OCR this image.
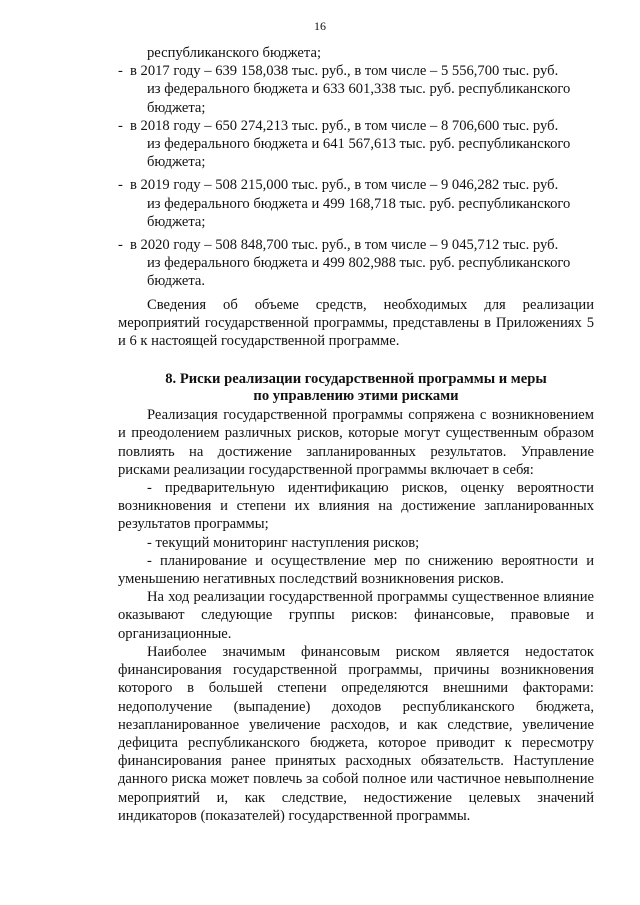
16
республиканского бюджета;
- в 2017 году – 639 158,038 тыс. руб., в том числе – 5 556,700 тыс. руб.
из федерального бюджета и 633 601,338 тыс. руб. республиканского бюджета;
- в 2018 году – 650 274,213 тыс. руб., в том числе – 8 706,600 тыс. руб.
из федерального бюджета и 641 567,613 тыс. руб. республиканского бюджета;
- в 2019 году – 508 215,000 тыс. руб., в том числе – 9 046,282 тыс. руб.
из федерального бюджета и 499 168,718 тыс. руб. республиканского бюджета;
- в 2020 году – 508 848,700 тыс. руб., в том числе – 9 045,712 тыс. руб.
из федерального бюджета и 499 802,988 тыс. руб. республиканского бюджета.

Сведения об объеме средств, необходимых для реализации мероприятий государственной программы, представлены в Приложениях 5 и 6 к настоящей государственной программе.

8. Риски реализации государственной программы и меры
по управлению этими рисками

Реализация государственной программы сопряжена с возникновением и преодолением различных рисков, которые могут существенным образом повлиять на достижение запланированных результатов. Управление рисками реализации государственной программы включает в себя:

- предварительную идентификацию рисков, оценку вероятности возникновения и степени их влияния на достижение запланированных результатов программы;

- текущий мониторинг наступления рисков;

- планирование и осуществление мер по снижению вероятности и уменьшению негативных последствий возникновения рисков.

На ход реализации государственной программы существенное влияние оказывают следующие группы рисков: финансовые, правовые и организационные.

Наиболее значимым финансовым риском является недостаток финансирования государственной программы, причины возникновения которого в большей степени определяются внешними факторами: недополучение (выпадение) доходов республиканского бюджета, незапланированное увеличение расходов, и как следствие, увеличение дефицита республиканского бюджета, которое приводит к пересмотру финансирования ранее принятых расходных обязательств. Наступление данного риска может повлечь за собой полное или частичное невыполнение мероприятий и, как следствие, недостижение целевых значений индикаторов (показателей) государственной программы.
